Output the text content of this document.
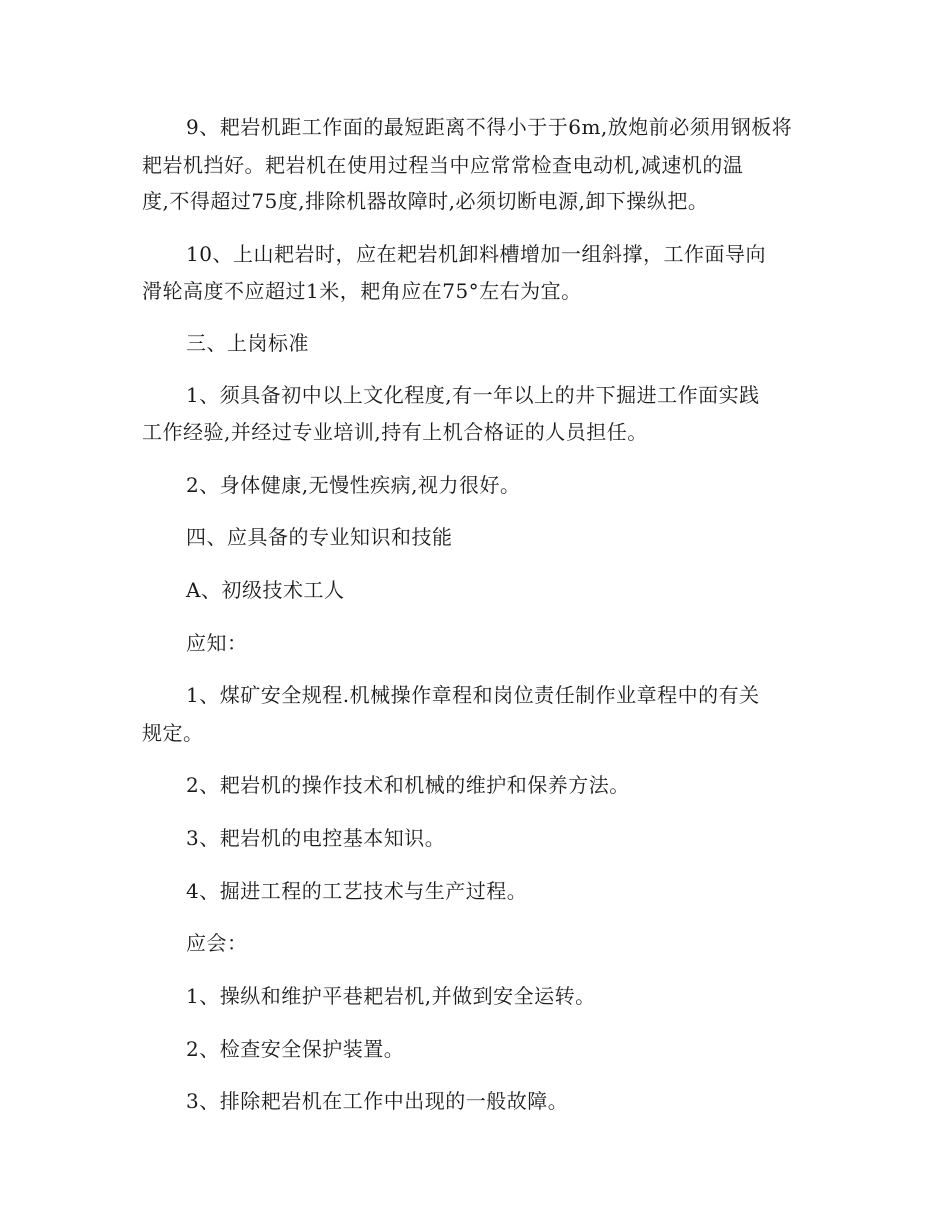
9、耙岩机距工作面的最短距离不得小于于6m,放炮前必须用钢板将
耙岩机挡好。耙岩机在使用过程当中应常常检查电动机,减速机的温
度,不得超过75度,排除机器故障时,必须切断电源,卸下操纵把。
10、上山耙岩时，应在耙岩机卸料槽增加一组斜撑，工作面导向
滑轮高度不应超过1米，耙角应在75°左右为宜。
三、上岗标准
1、须具备初中以上文化程度,有一年以上的井下掘进工作面实践
工作经验,并经过专业培训,持有上机合格证的人员担任。
2、身体健康,无慢性疾病,视力很好。
四、应具备的专业知识和技能
A、初级技术工人
应知：
1、煤矿安全规程.机械操作章程和岗位责任制作业章程中的有关
规定。
2、耙岩机的操作技术和机械的维护和保养方法。
3、耙岩机的电控基本知识。
4、掘进工程的工艺技术与生产过程。
应会：
1、操纵和维护平巷耙岩机,并做到安全运转。
2、检查安全保护装置。
3、排除耙岩机在工作中出现的一般故障。
